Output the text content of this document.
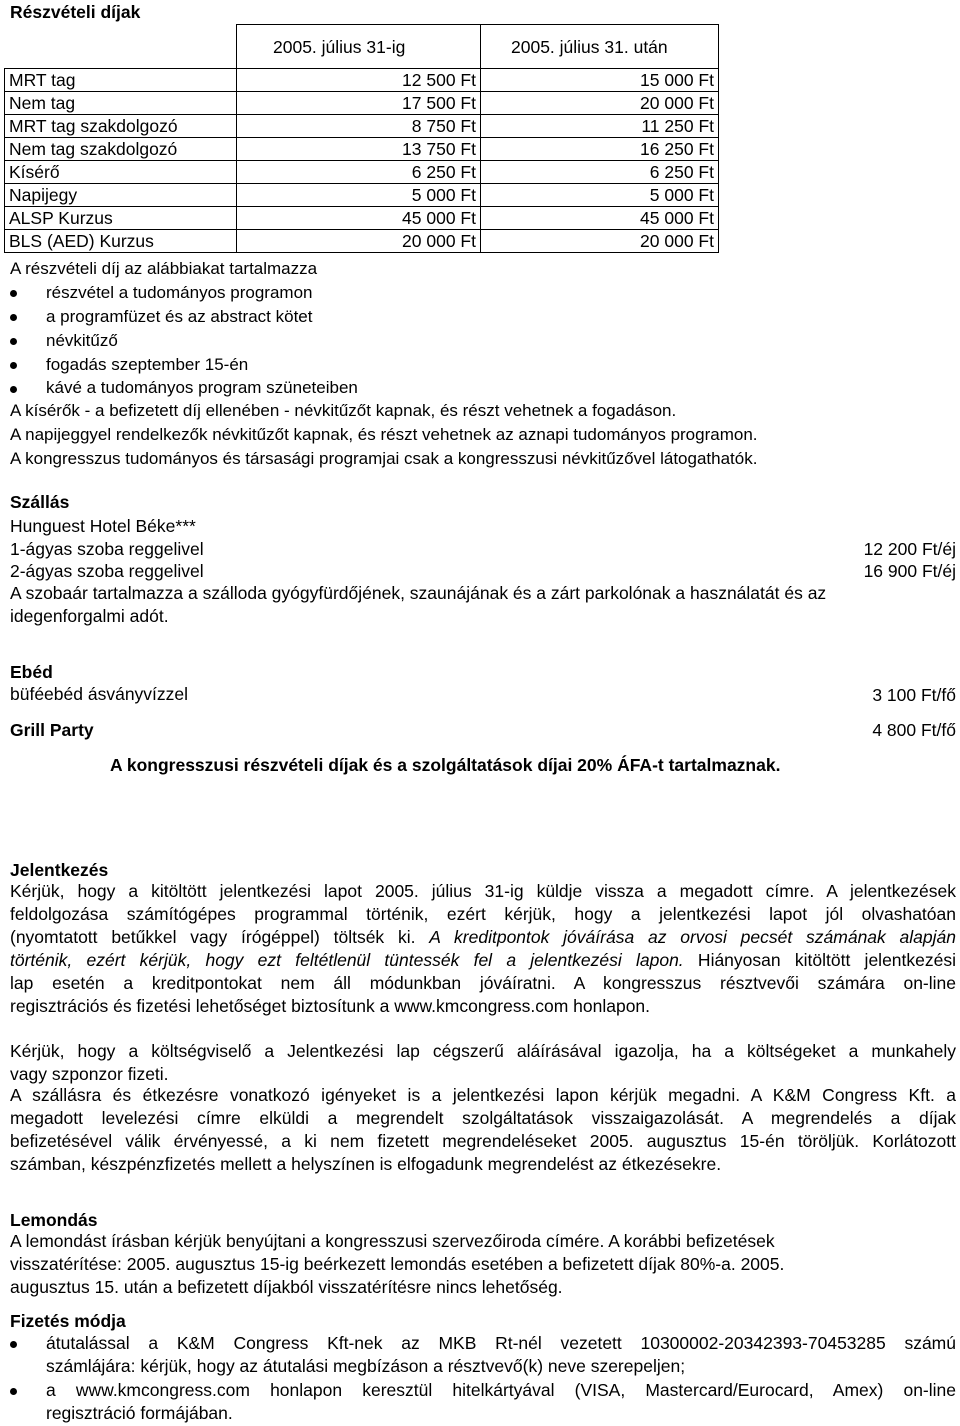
Részvételi díjak
	2005. július 31-ig	2005. július 31. után
MRT tag	12 500 Ft	15 000 Ft
Nem tag	17 500 Ft	20 000 Ft
MRT tag szakdolgozó	8 750 Ft	11 250 Ft
Nem tag szakdolgozó	13 750 Ft	16 250 Ft
Kísérő	6 250 Ft	6 250 Ft
Napijegy	5 000 Ft	5 000 Ft
ALSP Kurzus	45 000 Ft	45 000 Ft
BLS (AED) Kurzus	20 000 Ft	20 000 Ft
A részvételi díj az alábbiakat tartalmazza
részvétel a tudományos programon
a programfüzet és az abstract kötet
névkitűző
fogadás szeptember 15-én
kávé a tudományos program szüneteiben
A kísérők - a befizetett díj ellenében - névkitűzőt kapnak, és részt vehetnek a fogadáson.
A napijeggyel rendelkezők névkitűzőt kapnak, és részt vehetnek az aznapi tudományos programon.
A kongresszus tudományos és társasági programjai csak a kongresszusi névkitűzővel látogathatók.
Szállás
Hunguest Hotel Béke***
1-ágyas szoba reggelivel	12 200 Ft/éj
2-ágyas szoba reggelivel	16 900 Ft/éj
A szobaár tartalmazza a szálloda gyógyfürdőjének, szaunájának és a zárt parkolónak a használatát és az
idegenforgalmi adót.
Ebéd
büféebéd ásványvízzel	3 100 Ft/fő
Grill Party	4 800 Ft/fő
A kongresszusi részvételi díjak és a szolgáltatások díjai 20% ÁFA-t tartalmaznak.
Jelentkezés
Kérjük, hogy a kitöltött jelentkezési lapot 2005. július 31-ig küldje vissza a megadott címre. A jelentkezések
feldolgozása számítógépes programmal történik, ezért kérjük, hogy a jelentkezési lapot jól olvashatóan
(nyomtatott betűkkel vagy írógéppel) töltsék ki. A kreditpontok jóváírása az orvosi pecsét számának alapján
történik, ezért kérjük, hogy ezt feltétlenül tüntessék fel a jelentkezési lapon. Hiányosan kitöltött jelentkezési
lap esetén a kreditpontokat nem áll módunkban jóváíratni. A kongresszus résztvevői számára on-line
regisztrációs és fizetési lehetőséget biztosítunk a www.kmcongress.com honlapon.
Kérjük, hogy a költségviselő a Jelentkezési lap cégszerű aláírásával igazolja, ha a költségeket a munkahely
vagy szponzor fizeti.
A szállásra és étkezésre vonatkozó igényeket is a jelentkezési lapon kérjük megadni. A K&M Congress Kft. a
megadott levelezési címre elküldi a megrendelt szolgáltatások visszaigazolását. A megrendelés a díjak
befizetésével válik érvényessé, a ki nem fizetett megrendeléseket 2005. augusztus 15-én töröljük. Korlátozott
számban, készpénzfizetés mellett a helyszínen is elfogadunk megrendelést az étkezésekre.
Lemondás
A lemondást írásban kérjük benyújtani a kongresszusi szervezőiroda címére. A korábbi befizetések
visszatérítése: 2005. augusztus 15-ig beérkezett lemondás esetében a befizetett díjak 80%-a. 2005.
augusztus 15. után a befizetett díjakból visszatérítésre nincs lehetőség.
Fizetés módja
átutalással a K&M Congress Kft-nek az MKB Rt-nél vezetett 10300002-20342393-70453285 számú
számlájára: kérjük, hogy az átutalási megbízáson a résztvevő(k) neve szerepeljen;
a www.kmcongress.com honlapon keresztül hitelkártyával (VISA, Mastercard/Eurocard, Amex) on-line
regisztráció formájában.
